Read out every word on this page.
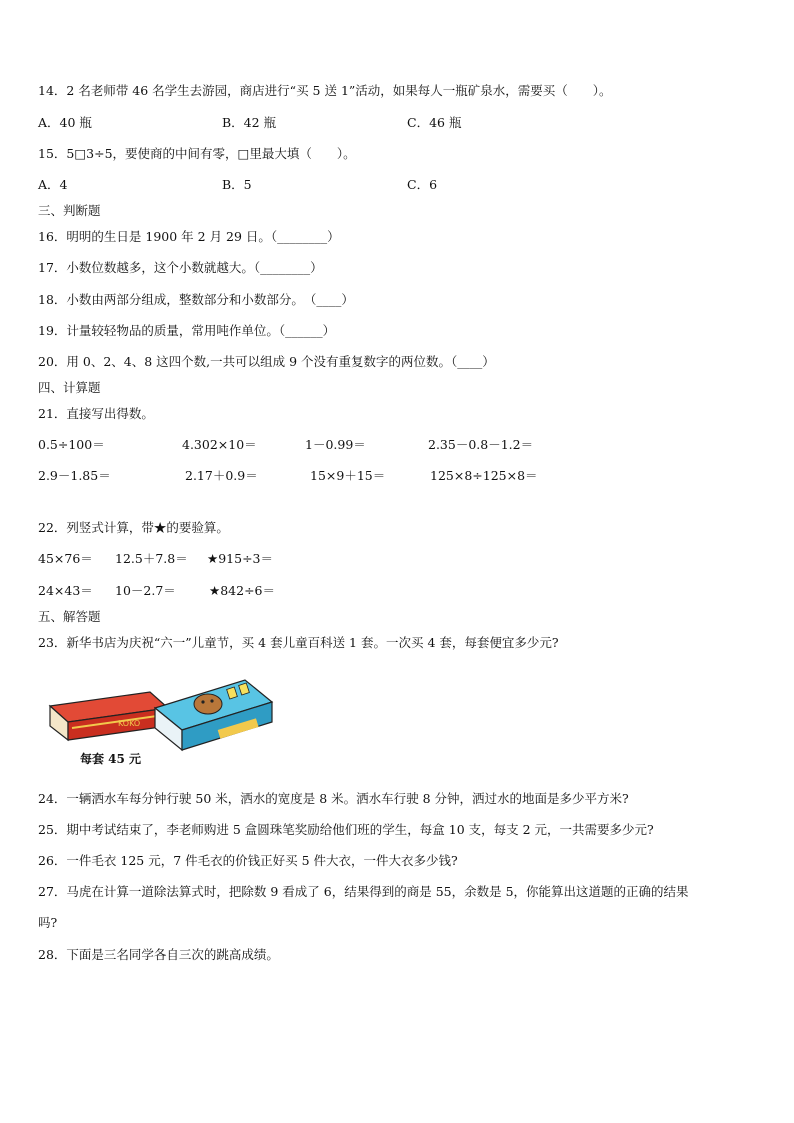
14．2 名老师带 46 名学生去游园，商店进行“买 5 送 1”活动，如果每人一瓶矿泉水，需要买（　　）。
A．40 瓶	B．42 瓶	C．46 瓶
15．5□3÷5，要使商的中间有零，□里最大填（　　）。
A．4	B．5	C．6
三、判断题
16．明明的生日是 1900 年 2 月 29 日。（________）
17．小数位数越多，这个小数就越大。（________）
18．小数由两部分组成，整数部分和小数部分。　（____）
19．计量较轻物品的质量，常用吨作单位。（______）
20．用 0、2、4、8 这四个数,一共可以组成 9 个没有重复数字的两位数。（____）
四、计算题
21．直接写出得数。
0.5÷100＝	4.302×10＝	1－0.99＝	2.35－0.8－1.2＝
2.9－1.85＝	2.17＋0.9＝	15×9＋15＝	125×8÷125×8＝
22．列竖式计算，带★的要验算。
45×76＝ 12.5＋7.8＝ ★915÷3＝
24×43＝ 10－2.7＝	★842÷6＝
五、解答题
23．新华书店为庆祝“六一”儿童节，买 4 套儿童百科送 1 套。一次买 4 套，每套便宜多少元?
KOKO
每套 45 元
24．一辆洒水车每分钟行驶 50 米，洒水的宽度是 8 米。洒水车行驶 8 分钟，洒过水的地面是多少平方米?
25．期中考试结束了，李老师购进 5 盒圆珠笔奖励给他们班的学生，每盒 10 支，每支 2 元，一共需要多少元?
26．一件毛衣 125 元，7 件毛衣的价钱正好买 5 件大衣，一件大衣多少钱?
27．马虎在计算一道除法算式时，把除数 9 看成了 6，结果得到的商是 55，余数是 5，你能算出这道题的正确的结果
吗?
28．下面是三名同学各自三次的跳高成绩。
